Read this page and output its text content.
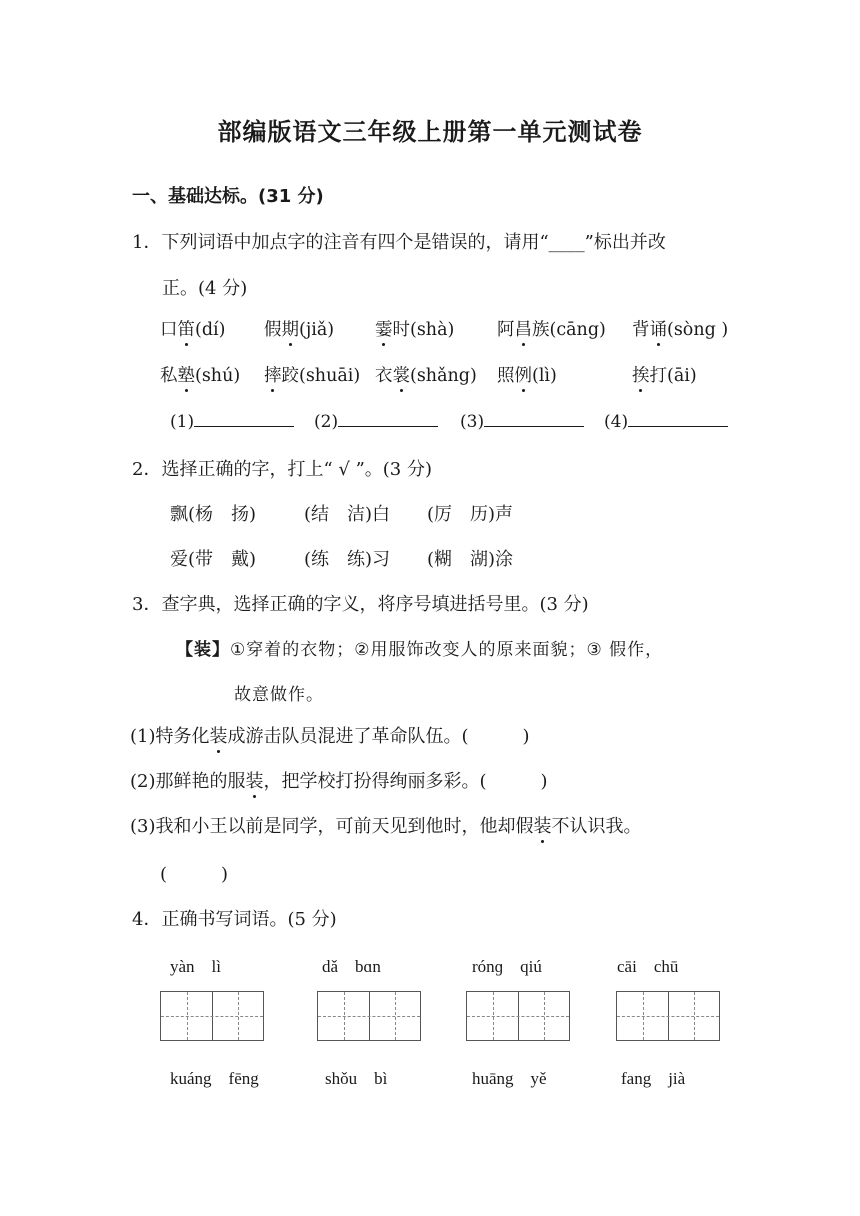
部编版语文三年级上册第一单元测试卷
一、基础达标。(31 分)
1．下列词语中加点字的注音有四个是错误的，请用“____”标出并改
正。(4 分)
口笛(dí) 假期(jiǎ) 霎时(shà) 阿昌族(cāng) 背诵(sòng )
私塾(shú) 摔跤(shuāi) 衣裳(shǎng) 照例(lì)	挨打(āi)
(1)	(2)	(3)	(4)
2．选择正确的字，打上“ √ ”。(3 分)
飘(杨　扬)	(结　洁)白 (厉　历)声
爱(带　戴)	(练　练)习 (糊　湖)涂
3．查字典，选择正确的字义，将序号填进括号里。(3 分)
【装】①穿着的衣物；②用服饰改变人的原来面貌；③ 假作，
故意做作。
(1)特务化装成游击队员混进了革命队伍。(　　　)
(2)那鲜艳的服装，把学校打扮得绚丽多彩。(　　　)
(3)我和小王以前是同学，可前天见到他时，他却假装不认识我。
(　　　)
4．正确书写词语。(5 分)
yàn　lì	dǎ　bɑn	rónɡ　qiú	cāi　chū
kuáng　fēng	shǒu　bì	huāng　yě	fang　jià
